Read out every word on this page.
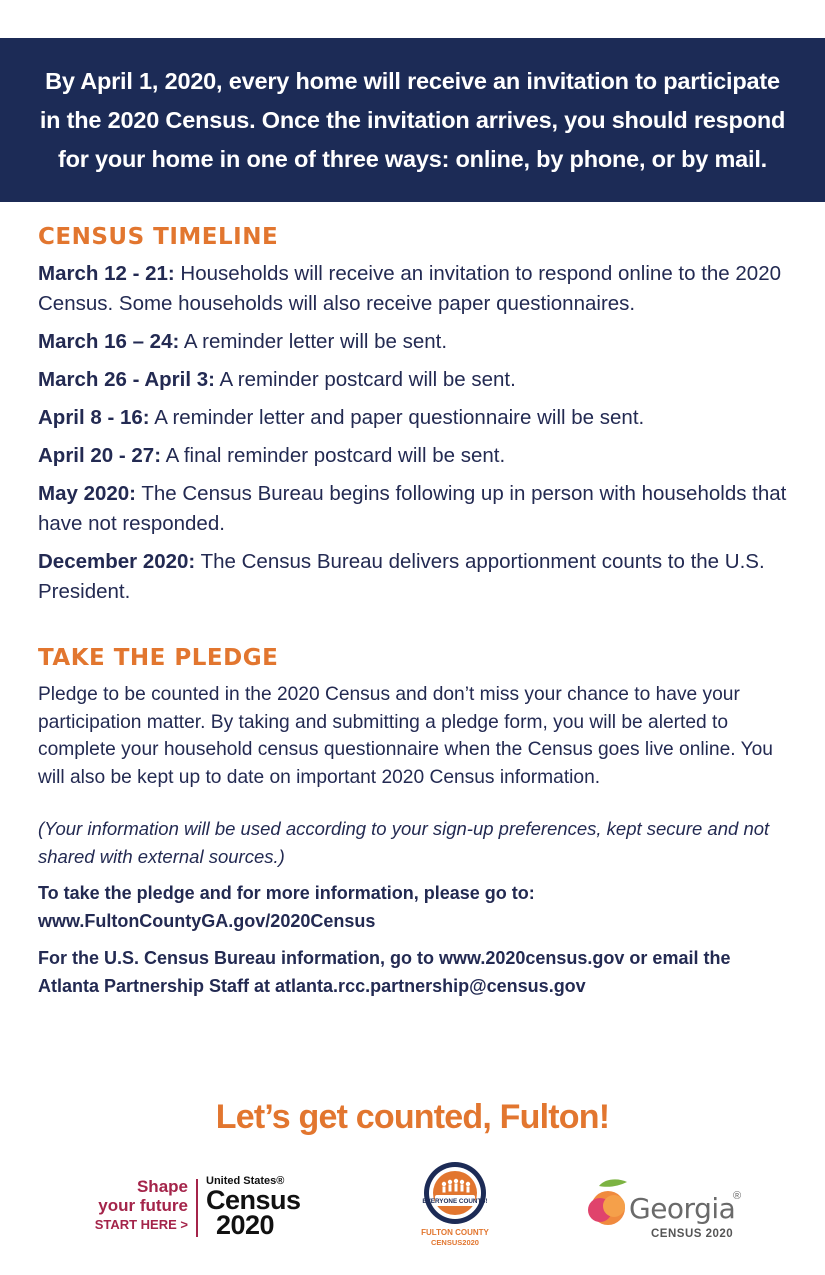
By April 1, 2020, every home will receive an invitation to participate in the 2020 Census. Once the invitation arrives, you should respond for your home in one of three ways: online, by phone, or by mail.

CENSUS TIMELINE

March 12 - 21: Households will receive an invitation to respond online to the 2020 Census. Some households will also receive paper questionnaires.

March 16 – 24: A reminder letter will be sent.

March 26 - April 3: A reminder postcard will be sent.

April 8 - 16: A reminder letter and paper questionnaire will be sent.

April 20 - 27: A final reminder postcard will be sent.

May 2020: The Census Bureau begins following up in person with households that have not responded.

December 2020: The Census Bureau delivers apportionment counts to the U.S. President.

TAKE THE PLEDGE

Pledge to be counted in the 2020 Census and don’t miss your chance to have your participation matter. By taking and submitting a pledge form, you will be alerted to complete your household census questionnaire when the Census goes live online. You will also be kept up to date on important 2020 Census information.

(Your information will be used according to your sign-up preferences, kept secure and not shared with external sources.)

To take the pledge and for more information, please go to: www.FultonCountyGA.gov/2020Census

For the U.S. Census Bureau information, go to www.2020census.gov or email the Atlanta Partnership Staff at atlanta.rcc.partnership@census.gov

Let’s get counted, Fulton!

Shape
your future
START HERE >
United States®
Census
2020
EVERYONE COUNTS!
FULTON COUNTY
CENSUS2020
Georgia
®
CENSUS 2020
